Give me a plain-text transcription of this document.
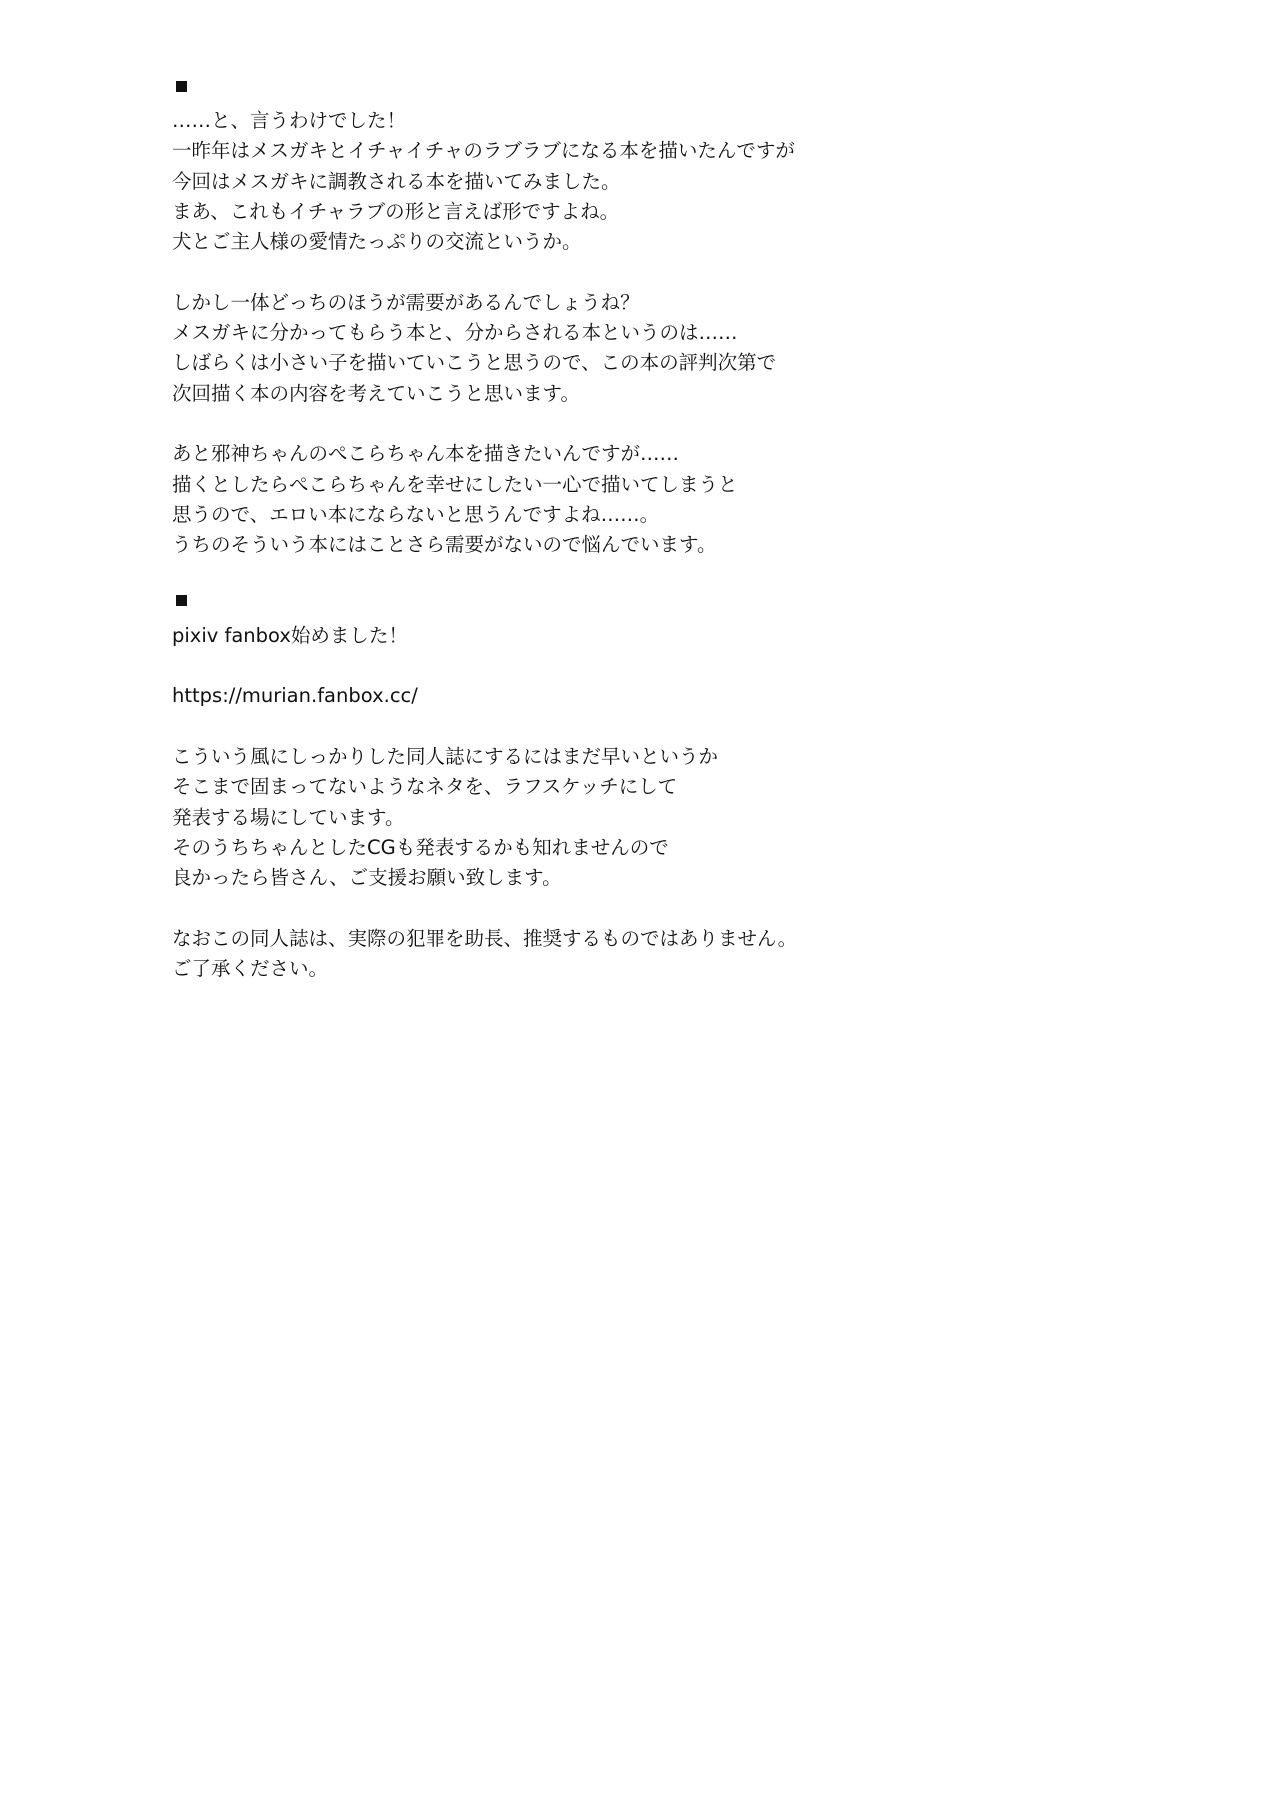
……と、言うわけでした！
一昨年はメスガキとイチャイチャのラブラブになる本を描いたんですが
今回はメスガキに調教される本を描いてみました。
まあ、これもイチャラブの形と言えば形ですよね。
犬とご主人様の愛情たっぷりの交流というか。
しかし一体どっちのほうが需要があるんでしょうね？
メスガキに分かってもらう本と、分からされる本というのは……
しばらくは小さい子を描いていこうと思うので、この本の評判次第で
次回描く本の内容を考えていこうと思います。
あと邪神ちゃんのぺこらちゃん本を描きたいんですが……
描くとしたらぺこらちゃんを幸せにしたい一心で描いてしまうと
思うので、エロい本にならないと思うんですよね……。
うちのそういう本にはことさら需要がないので悩んでいます。
pixiv fanbox始めました！
https://murian.fanbox.cc/
こういう風にしっかりした同人誌にするにはまだ早いというか
そこまで固まってないようなネタを、ラフスケッチにして
発表する場にしています。
そのうちちゃんとしたCGも発表するかも知れませんので
良かったら皆さん、ご支援お願い致します。
なおこの同人誌は、実際の犯罪を助長、推奨するものではありません。
ご了承ください。
